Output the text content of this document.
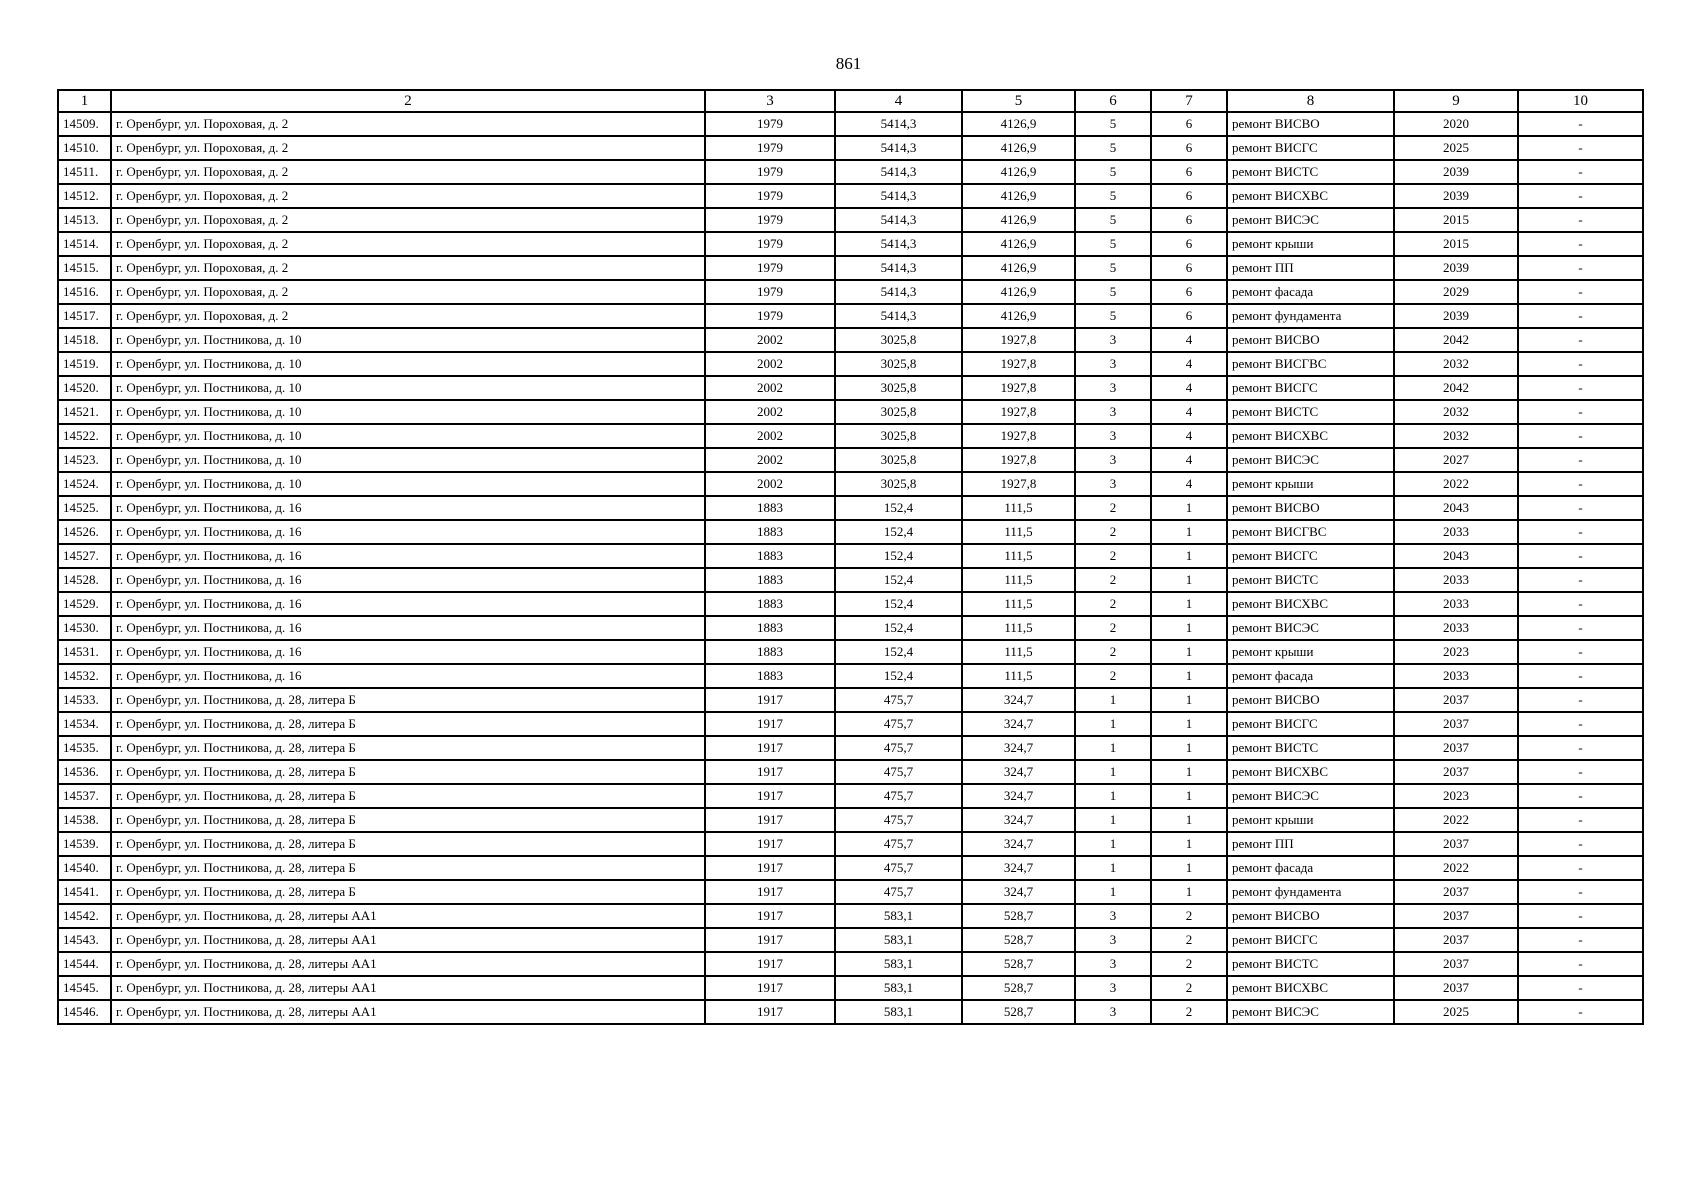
861
1	2	3	4	5	6	7	8	9	10
14509.	г. Оренбург, ул. Пороховая, д. 2	1979	5414,3	4126,9	5	6	ремонт ВИСВО	2020	-
14510.	г. Оренбург, ул. Пороховая, д. 2	1979	5414,3	4126,9	5	6	ремонт ВИСГС	2025	-
14511.	г. Оренбург, ул. Пороховая, д. 2	1979	5414,3	4126,9	5	6	ремонт ВИСТС	2039	-
14512.	г. Оренбург, ул. Пороховая, д. 2	1979	5414,3	4126,9	5	6	ремонт ВИСХВС	2039	-
14513.	г. Оренбург, ул. Пороховая, д. 2	1979	5414,3	4126,9	5	6	ремонт ВИСЭС	2015	-
14514.	г. Оренбург, ул. Пороховая, д. 2	1979	5414,3	4126,9	5	6	ремонт крыши	2015	-
14515.	г. Оренбург, ул. Пороховая, д. 2	1979	5414,3	4126,9	5	6	ремонт ПП	2039	-
14516.	г. Оренбург, ул. Пороховая, д. 2	1979	5414,3	4126,9	5	6	ремонт фасада	2029	-
14517.	г. Оренбург, ул. Пороховая, д. 2	1979	5414,3	4126,9	5	6	ремонт фундамента	2039	-
14518.	г. Оренбург, ул. Постникова, д. 10	2002	3025,8	1927,8	3	4	ремонт ВИСВО	2042	-
14519.	г. Оренбург, ул. Постникова, д. 10	2002	3025,8	1927,8	3	4	ремонт ВИСГВС	2032	-
14520.	г. Оренбург, ул. Постникова, д. 10	2002	3025,8	1927,8	3	4	ремонт ВИСГС	2042	-
14521.	г. Оренбург, ул. Постникова, д. 10	2002	3025,8	1927,8	3	4	ремонт ВИСТС	2032	-
14522.	г. Оренбург, ул. Постникова, д. 10	2002	3025,8	1927,8	3	4	ремонт ВИСХВС	2032	-
14523.	г. Оренбург, ул. Постникова, д. 10	2002	3025,8	1927,8	3	4	ремонт ВИСЭС	2027	-
14524.	г. Оренбург, ул. Постникова, д. 10	2002	3025,8	1927,8	3	4	ремонт крыши	2022	-
14525.	г. Оренбург, ул. Постникова, д. 16	1883	152,4	111,5	2	1	ремонт ВИСВО	2043	-
14526.	г. Оренбург, ул. Постникова, д. 16	1883	152,4	111,5	2	1	ремонт ВИСГВС	2033	-
14527.	г. Оренбург, ул. Постникова, д. 16	1883	152,4	111,5	2	1	ремонт ВИСГС	2043	-
14528.	г. Оренбург, ул. Постникова, д. 16	1883	152,4	111,5	2	1	ремонт ВИСТС	2033	-
14529.	г. Оренбург, ул. Постникова, д. 16	1883	152,4	111,5	2	1	ремонт ВИСХВС	2033	-
14530.	г. Оренбург, ул. Постникова, д. 16	1883	152,4	111,5	2	1	ремонт ВИСЭС	2033	-
14531.	г. Оренбург, ул. Постникова, д. 16	1883	152,4	111,5	2	1	ремонт крыши	2023	-
14532.	г. Оренбург, ул. Постникова, д. 16	1883	152,4	111,5	2	1	ремонт фасада	2033	-
14533.	г. Оренбург, ул. Постникова, д. 28, литера Б	1917	475,7	324,7	1	1	ремонт ВИСВО	2037	-
14534.	г. Оренбург, ул. Постникова, д. 28, литера Б	1917	475,7	324,7	1	1	ремонт ВИСГС	2037	-
14535.	г. Оренбург, ул. Постникова, д. 28, литера Б	1917	475,7	324,7	1	1	ремонт ВИСТС	2037	-
14536.	г. Оренбург, ул. Постникова, д. 28, литера Б	1917	475,7	324,7	1	1	ремонт ВИСХВС	2037	-
14537.	г. Оренбург, ул. Постникова, д. 28, литера Б	1917	475,7	324,7	1	1	ремонт ВИСЭС	2023	-
14538.	г. Оренбург, ул. Постникова, д. 28, литера Б	1917	475,7	324,7	1	1	ремонт крыши	2022	-
14539.	г. Оренбург, ул. Постникова, д. 28, литера Б	1917	475,7	324,7	1	1	ремонт ПП	2037	-
14540.	г. Оренбург, ул. Постникова, д. 28, литера Б	1917	475,7	324,7	1	1	ремонт фасада	2022	-
14541.	г. Оренбург, ул. Постникова, д. 28, литера Б	1917	475,7	324,7	1	1	ремонт фундамента	2037	-
14542.	г. Оренбург, ул. Постникова, д. 28, литеры АА1	1917	583,1	528,7	3	2	ремонт ВИСВО	2037	-
14543.	г. Оренбург, ул. Постникова, д. 28, литеры АА1	1917	583,1	528,7	3	2	ремонт ВИСГС	2037	-
14544.	г. Оренбург, ул. Постникова, д. 28, литеры АА1	1917	583,1	528,7	3	2	ремонт ВИСТС	2037	-
14545.	г. Оренбург, ул. Постникова, д. 28, литеры АА1	1917	583,1	528,7	3	2	ремонт ВИСХВС	2037	-
14546.	г. Оренбург, ул. Постникова, д. 28, литеры АА1	1917	583,1	528,7	3	2	ремонт ВИСЭС	2025	-
